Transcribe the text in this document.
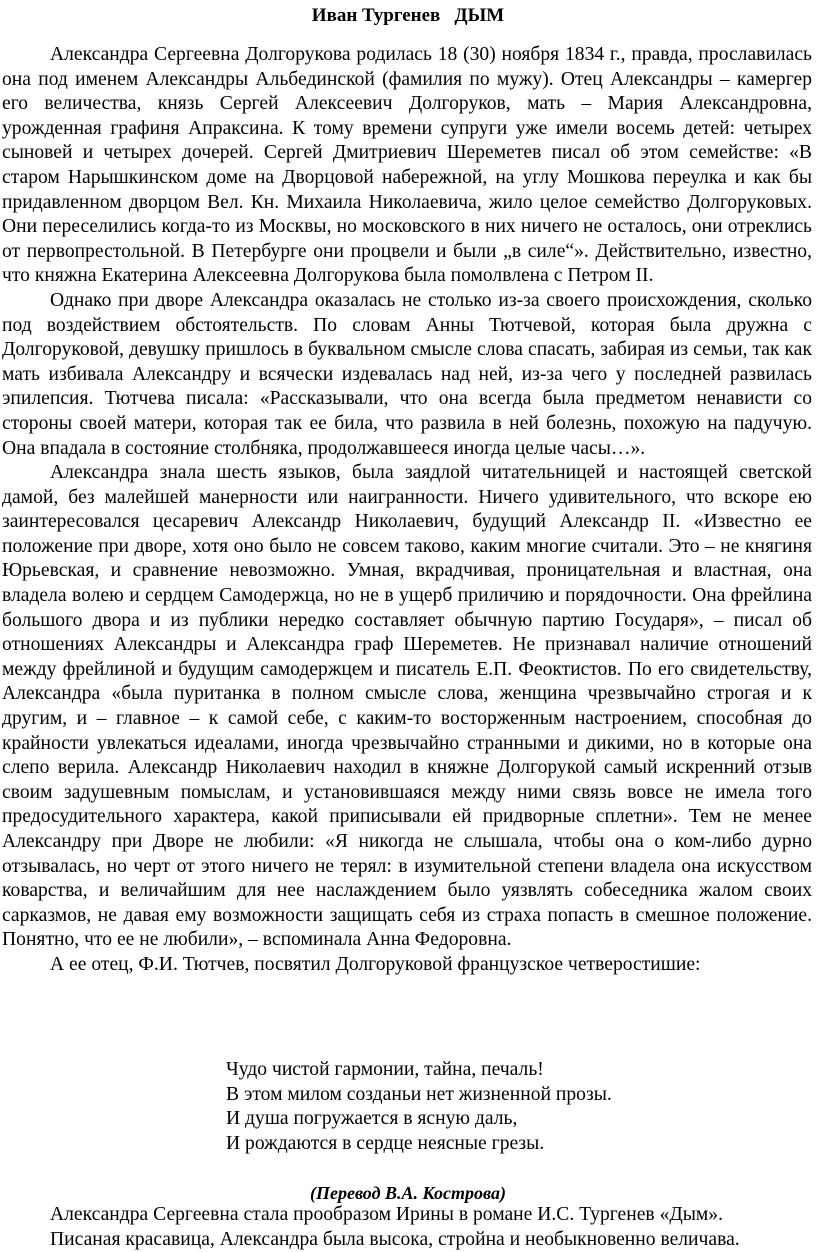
Иван Тургенев ДЫМ

Александра Сергеевна Долгорукова родилась 18 (30) ноября 1834 г., правда, прославилась она под именем Александры Альбединской (фамилия по мужу). Отец Александры – камергер его величества, князь Сергей Алексеевич Долгоруков, мать – Мария Александровна, урожденная графиня Апраксина. К тому времени супруги уже имели восемь детей: четырех сыновей и четырех дочерей. Сергей Дмитриевич Шереметев писал об этом семействе: «В старом Нарышкинском доме на Дворцовой набережной, на углу Мошкова переулка и как бы придавленном дворцом Вел. Кн. Михаила Николаевича, жило целое семейство Долгоруковых. Они переселились когда-то из Москвы, но московского в них ничего не осталось, они отреклись от первопрестольной. В Петербурге они процвели и были „в силе“». Действительно, известно, что княжна Екатерина Алексеевна Долгорукова была помолвлена с Петром II.

Однако при дворе Александра оказалась не столько из-за своего происхождения, сколько под воздействием обстоятельств. По словам Анны Тютчевой, которая была дружна с Долгоруковой, девушку пришлось в буквальном смысле слова спасать, забирая из семьи, так как мать избивала Александру и всячески издевалась над ней, из-за чего у последней развилась эпилепсия. Тютчева писала: «Рассказывали, что она всегда была предметом ненависти со стороны своей матери, которая так ее била, что развила в ней болезнь, похожую на падучую. Она впадала в состояние столбняка, продолжавшееся иногда целые часы…».

Александра знала шесть языков, была заядлой читательницей и настоящей светской дамой, без малейшей манерности или наигранности. Ничего удивительного, что вскоре ею заинтересовался цесаревич Александр Николаевич, будущий Александр II. «Известно ее положение при дворе, хотя оно было не совсем таково, каким многие считали. Это – не княгиня Юрьевская, и сравнение невозможно. Умная, вкрадчивая, проницательная и властная, она владела волею и сердцем Самодержца, но не в ущерб приличию и порядочности. Она фрейлина большого двора и из публики нередко составляет обычную партию Государя», – писал об отношениях Александры и Александра граф Шереметев. Не признавал наличие отношений между фрейлиной и будущим самодержцем и писатель Е.П. Феоктистов. По его свидетельству, Александра «была пуританка в полном смысле слова, женщина чрезвычайно строгая и к другим, и – главное – к самой себе, с каким-то восторженным настроением, способная до крайности увлекаться идеалами, иногда чрезвычайно странными и дикими, но в которые она слепо верила. Александр Николаевич находил в княжне Долгорукой самый искренний отзыв своим задушевным помыслам, и установившаяся между ними связь вовсе не имела того предосудительного характера, какой приписывали ей придворные сплетни». Тем не менее Александру при Дворе не любили: «Я никогда не слышала, чтобы она о ком-либо дурно отзывалась, но черт от этого ничего не терял: в изумительной степени владела она искусством коварства, и величайшим для нее наслаждением было уязвлять собеседника жалом своих сарказмов, не давая ему возможности защищать себя из страха попасть в смешное положение. Понятно, что ее не любили», – вспоминала Анна Федоровна.

А ее отец, Ф.И. Тютчев, посвятил Долгоруковой французское четверостишие:

Чудо чистой гармонии, тайна, печаль!
В этом милом созданьи нет жизненной прозы.
И душа погружается в ясную даль,
И рождаются в сердце неясные грезы.
(Перевод В.А. Кострова)

Александра Сергеевна стала прообразом Ирины в романе И.С. Тургенев «Дым».

Писаная красавица, Александра была высока, стройна и необыкновенно величава.
